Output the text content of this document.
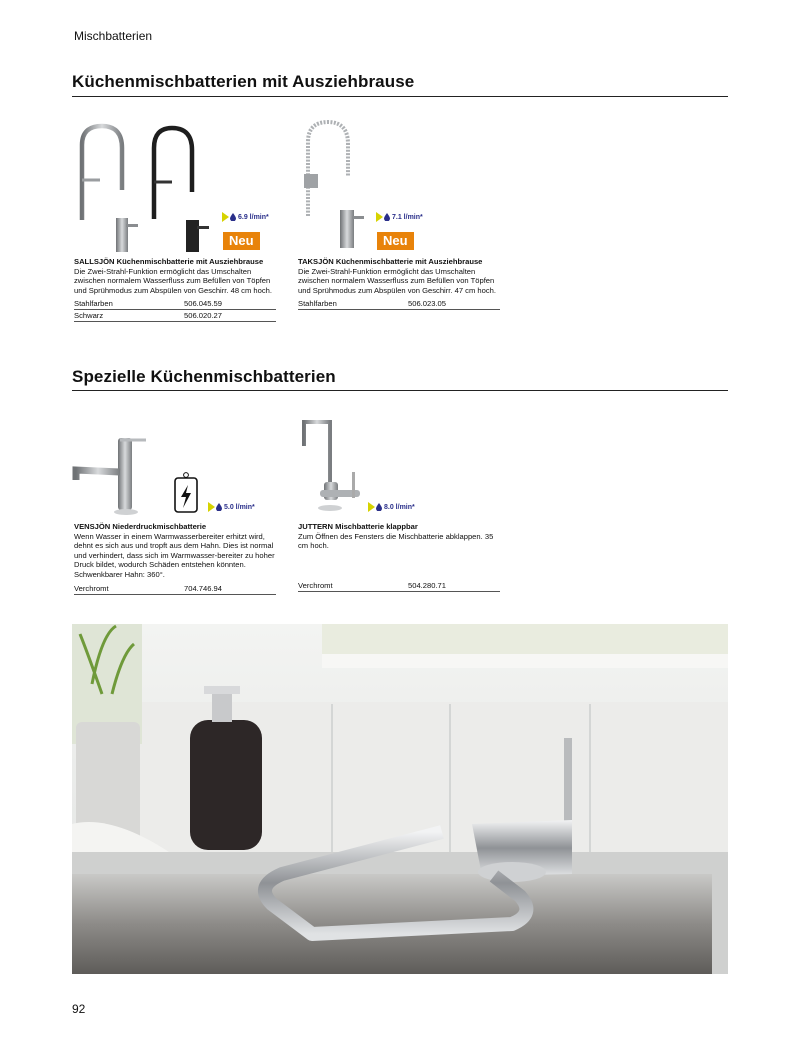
Mischbatterien
Küchenmischbatterien mit Ausziehbrause
6.9 l/min*
Neu
7.1 l/min*
Neu
SALLSJÖN Küchenmischbatterie mit Ausziehbrause
Die Zwei-Strahl-Funktion ermöglicht das Umschalten zwischen normalem Wasserfluss zum Befüllen von Töpfen und Sprühmodus zum Abspülen von Geschirr. 48 cm hoch.
Stahlfarben	506.045.59
Schwarz	506.020.27
TAKSJÖN Küchenmischbatterie mit Ausziehbrause
Die Zwei-Strahl-Funktion ermöglicht das Umschalten zwischen normalem Wasserfluss zum Befüllen von Töpfen und Sprühmodus zum Abspülen von Geschirr. 47 cm hoch.
Stahlfarben	506.023.05
Spezielle Küchenmischbatterien
5.0 l/min*	8.0 l/min*
VENSJÖN Niederdruckmischbatterie
Wenn Wasser in einem Warmwasserbereiter erhitzt wird, dehnt es sich aus und tropft aus dem Hahn. Dies ist normal und verhindert, dass sich im Warmwasser-bereiter zu hoher Druck bildet, wodurch Schäden entstehen könnten. Schwenkbarer Hahn: 360°.
Verchromt	704.746.94
JUTTERN Mischbatterie klappbar
Zum Öffnen des Fensters die Mischbatterie abklappen. 35 cm hoch.
Verchromt	504.280.71
92
